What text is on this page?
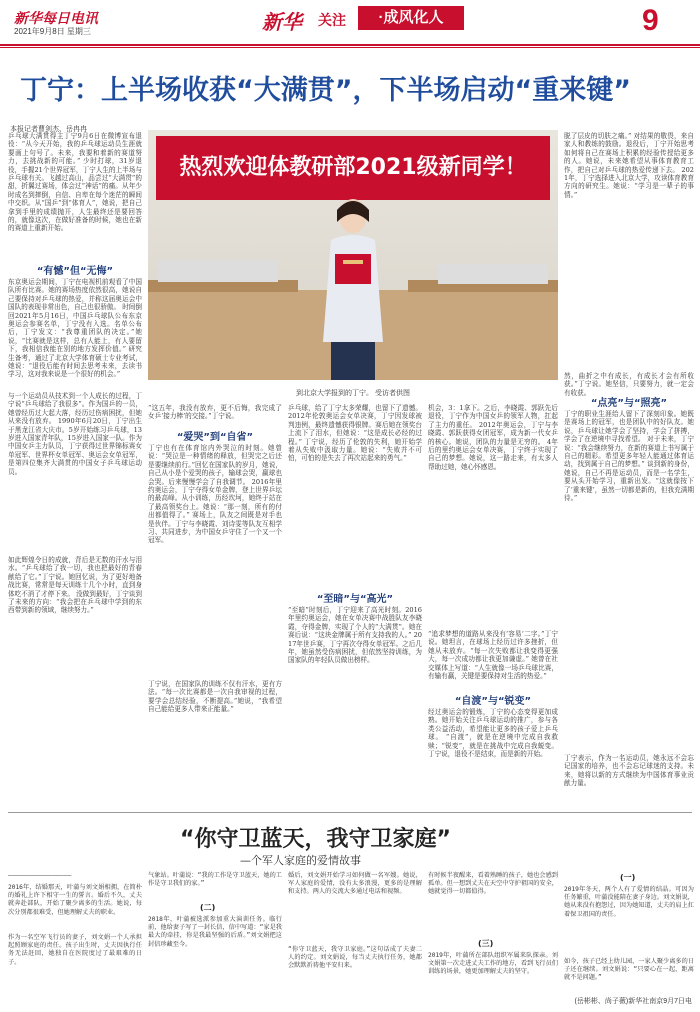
新华每日电讯
2021年9月8日 星期三	新华 关注	·成风化人	9
丁宁：上半场收获“大满贯”，下半场启动“重来键”
本报记者曹剑杰、岳冉冉
热烈欢迎体教研部2021级新同学！
到北京大学报到的丁宁。 受访者供图
乒乓球大满贯得主丁宁9月6日在微博宣布退役：“从今天开始，我的乒乓球运动员生涯就要画上句号了。未来，我要和着新的赛道努力，去挑战新的可能。” 少时打球，31岁退役，手握21个世界冠军，丁宁人生的上半场与乒乓球有关。飞越过高山，品尝过“大满贯”的甜，折翼过赛场，体会过“神话”的痛。从年少时成名到摔倒，自信、自卑在每个迷茫的瞬间中交织。从“国乒”到“体育人”，她说，把自己拿到手里的成绩抛开，人生最终还是要回答的，就像这次，在做好准备的时候，她也在新的赛道上重新开始。
“有憾”但“无悔”
东京奥运会期间，丁宁在电视机前观看了中国队所有比赛。她的赛场热度依然很高，她说自己要保持对乒乓球的热爱，并称这届奥运会中国队的表现非常出色，自己也很骄傲。 时间倒回2021年5月16日，中国乒乓球队公布东京奥运会参赛名单，丁宁没有入选。名单公布后，丁宁发文：“我尊重团队的决定。”她说，“比赛就是这样，总有人能上，有人要留下，我相信我能在别的地方发挥价值。” 研究生备考，通过了北京大学体育硕士专业考试，她说：“退役后能有时间去思考未来，去读书学习，这对我来说是一个很好的机会。”
与一个运动员从技术到一个人成长的过程，丁宁说“乒乓球给了我很多”。作为国乒的一员，她曾经历过大起大落，经历过伤病困扰，但她从来没有放弃。 1990年6月20日，丁宁出生于黑龙江省大庆市。5岁开始练习乒乓球，13岁进入国家青年队，15岁进入国家一队。作为中国女乒主力队员，丁宁获得过世界锦标赛女单冠军、世界杯女单冠军、奥运会女单冠军，是第四位集齐大满贯的中国女子乒乓球运动员。
如此辉煌令日的成就，背后是无数的汗水与泪水。“乒乓球给了我一切，我也把最好的青春献给了它。”丁宁说。她回忆说，为了更好地备战比赛，常常是每天训练十几个小时，直到身体吃不消了才停下来。 没做到最好，丁宁谈到了未来的方向：“我会把在乒乓球中学到的东西带到新的领域，继续努力。”
“这五年，我没有放弃，更不后悔，我完成了女乒‘接力棒’的交接。”丁宁说。
“爱哭”到“自省”
丁宁也有在体育馆内外哭泣的时刻。她曾说：“哭泣是一种情绪的释放，但哭完之后还是要继续前行。”回忆在国家队的岁月，她说，自己从小是个爱哭的孩子，输球会哭，赢球也会哭。后来慢慢学会了自我调节。 2016年里约奥运会，丁宁夺得女单金牌，登上世界乒坛的最高峰。从小训练，历经坎坷，她终于站在了最高领奖台上。她说：“那一刻，所有的付出都值得了。” 赛场上，队友之间既是对手也是伙伴。丁宁与李晓霞、刘诗雯等队友互相学习、共同进步，为中国女乒守住了一个又一个冠军。
丁宁说，在国家队的训练不仅有汗水，更有方法。“每一次比赛都是一次自我审视的过程，要学会总结经验，不断提高。”她说，“我希望自己能给更多人带来正能量。”
乒乓球，给了丁宁太多荣耀，也留下了遗憾。2012年伦敦奥运会女单决赛，丁宁因发球被判违例，最终遗憾获得银牌。赛后她在领奖台上流下了泪水，但她说：“这是成长必经的过程。” 丁宁说，经历了伦敦的失利，她开始学着从失败中汲取力量。她说：“失败并不可怕，可怕的是失去了再次站起来的勇气。”
“至暗”与“高光”
“至暗”时刻后，丁宁迎来了高光时刻。2016年里约奥运会，她在女单决赛中战胜队友李晓霞，夺得金牌，实现了个人的“大满贯”。她在赛后说：“这块金牌属于所有支持我的人。” 2017年世乒赛，丁宁再次夺得女单冠军。之后几年，她虽然受伤病困扰，但依然坚持训练，为国家队的年轻队员做出榜样。
机会，3：1拿下。之后，李晓霞、郭跃先后退役，丁宁作为中国女乒的领军人物，扛起了主力的重任。 2012年奥运会，丁宁与李晓霞、郭跃获得女团冠军，成为新一代女乒的核心。她说，团队的力量是无穷的。 4年后的里约奥运会女单决赛，丁宁终于实现了自己的梦想。她说，这一路走来，有太多人帮助过她，她心怀感恩。
“追求梦想的道路从来没有‘容易’二字。”丁宁说。她坦言，在球场上经历过许多挫折，但她从未放弃。“每一次失败都让我变得更强大，每一次成功都让我更加谦虚。” 她曾在社交媒体上写道：“人生就像一场乒乓球比赛，有输有赢，关键是要保持对生活的热爱。”
“自渡”与“锐变”
经过奥运会的锻炼，丁宁的心态变得更加成熟。她开始关注乒乓球运动的推广，参与各类公益活动，希望能让更多的孩子爱上乒乓球。 “自渡”，就是在逆境中完成自我救赎；“锐变”，就是在挑战中完成自我蜕变。丁宁说，退役不是结束，而是新的开始。
脱了层皮的切肤之痛。” 对结果的敬畏，来自家人和教练的鼓励。退役后，丁宁开始思考如何将自己在赛场上积累的经验传授给更多的人。她说，未来她希望从事体育教育工作，把自己对乒乓球的热爱传递下去。 2021年，丁宁选择进入北京大学，攻读体育教育方向的研究生。她说：“学习是一辈子的事情。”
然，曲折之中有成长，有成长才会有所收获。”丁宁说。她坚信，只要努力，就一定会有收获。
“点亮”与“照亮”
丁宁的职业生涯给人留下了深刻印象。她既是赛场上的冠军，也是团队中的好队友。她说，乒乓球让她学会了坚持，学会了拼搏，学会了在逆境中寻找希望。 对于未来，丁宁说：“我会继续努力，在新的赛道上书写属于自己的精彩。希望更多年轻人能通过体育运动，找到属于自己的梦想。” 谈到新的身份，她说，自己不再是运动员，而是一名学生，要从头开始学习，重新出发。“这就像按下了‘重来键’，虽然一切都是新的，但我充满期待。”
丁宁表示，作为一名运动员，她永远不会忘记国家的培养，也不会忘记球迷的支持。未来，她将以新的方式继续为中国体育事业贡献力量。
“你守卫蓝天，我守卫家庭”
—个军人家庭的爱情故事
—————————————————
2016年，结婚那天，叶蒲与刘文娟相拥，在简朴的婚礼上许下相守一生的誓言。婚后不久，丈夫就奔赴部队，开始了聚少离多的生活。她说，每次分别都很难受，但她理解丈夫的职业。
作为一名空军飞行员的妻子，刘文娟一个人承担起照顾家庭的责任。孩子出生时，丈夫因执行任务无法赶回，她独自在医院度过了最艰难的日子。
气象站。叶蒲说：“我的工作是守卫蓝天，她的工作是守卫我们的家。”
(二)
2018年，叶蒲被选派参加重大演训任务。临行前，他给妻子写了一封长信，信中写道：“家是我最大的牵挂，你是我最坚强的后盾。”刘文娟把这封信珍藏至今。
婚后，刘文娟开始学习如何做一名军嫂。她说，军人家庭的爱情，没有太多浪漫，更多的是理解和支持。两人的交流大多通过电话和视频。
“你守卫蓝天，我守卫家庭。”这句话成了夫妻二人的约定。刘文娟说，每当丈夫执行任务，她都会默默祈祷他平安归来。
有时候半夜醒来，看着熟睡的孩子，她也会感到孤单。但一想到丈夫在天空中守护祖国的安全，她就觉得一切都值得。
(三)
2019年，叶蒲所在部队组织军属来队探亲。刘文娟第一次走进丈夫工作的地方，看到飞行员们训练的场景，她更加理解丈夫的坚守。
(一)
2019年冬天，两个人有了爱情的结晶。可因为任务繁重，叶蒲没能陪在妻子身边。刘文娟说，她从来没有抱怨过，因为她知道，丈夫的肩上扛着保卫祖国的责任。
如今，孩子已经上幼儿园，一家人聚少离多的日子还在继续。刘文娟说：“只要心在一起，距离就不是问题。”
(岳彬彬、尚子薇)新华社南京9月7日电
